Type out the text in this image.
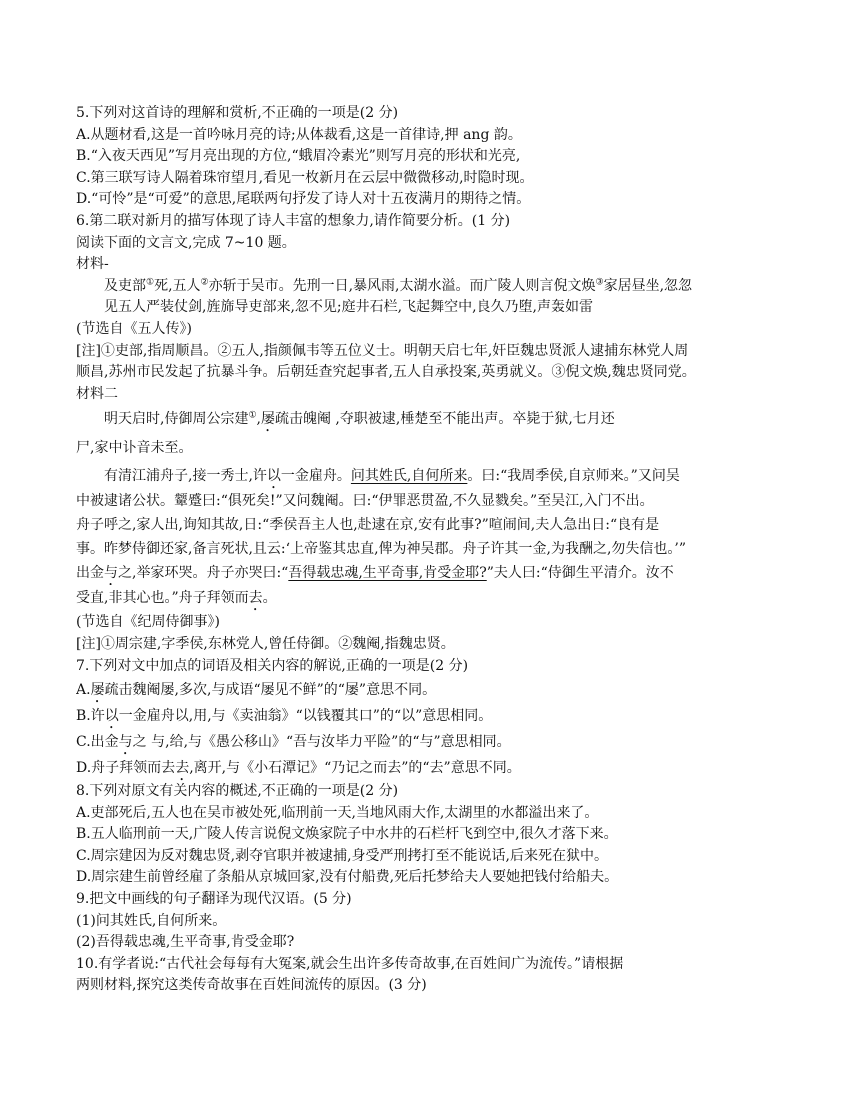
5.下列对这首诗的理解和赏析,不正确的一项是(2 分)
A.从题材看,这是一首吟咏月亮的诗;从体裁看,这是一首律诗,押 ang 韵。
B.“入夜天西见”写月亮出现的方位,“蛾眉冷素光”则写月亮的形状和光亮,
C.第三联写诗人隔着珠帘望月,看见一枚新月在云层中微微移动,时隐时现。
D.“可怜”是“可爱”的意思,尾联两句抒发了诗人对十五夜满月的期待之情。
6.第二联对新月的描写体现了诗人丰富的想象力,请作简要分析。(1 分)
阅读下面的文言文,完成 7~10 题。
材料-
及吏部①死,五人②亦斩于吴市。先刑一日,暴风雨,太湖水溢。而广陵人则言倪文焕③家居昼坐,忽忽
见五人严装仗剑,旌旆导吏部来,忽不见;庭井石栏,飞起舞空中,良久乃堕,声轰如雷
(节选自《五人传》)
[注]①吏部,指周顺昌。②五人,指颜佩韦等五位义士。明朝天启七年,奸臣魏忠贤派人逮捕东林党人周
顺昌,苏州市民发起了抗暴斗争。后朝廷查究起事者,五人自承投案,英勇就义。③倪文焕,魏忠贤同党。
材料二
明天启时,侍御周公宗建①,屡疏击魄阉 ,夺职被逮,棰楚至不能出声。卒毙于狱,七月还
尸,家中讣音未至。
有清江浦舟子,接一秀士,许以一金雇舟。问其姓氏,自何所来。曰:“我周季侯,自京师来。”又问吴
中被逮诸公状。颦蹙曰:“俱死矣!”又问魏阉。曰:“伊罪恶贯盈,不久显戮矣。”至吴江,入门不出。
舟子呼之,家人出,询知其故,日:“季侯吾主人也,赴逮在京,安有此事?”喧闹间,夫人急出日:“良有是
事。昨梦侍御还家,备言死状,且云:‘上帝鉴其忠直,俾为神吴郡。舟子许其一金,为我酬之,勿失信也。’”
出金与之,举家环哭。舟子亦哭曰:“吾得载忠魂,生平奇事,肯受金耶?”夫人曰:“侍御生平清介。汝不
受直,非其心也。”舟子拜领而去。
(节选自《纪周侍御事》)
[注]①周宗建,字季侯,东林党人,曾任侍御。②魏阉,指魏忠贤。
7.下列对文中加点的词语及相关内容的解说,正确的一项是(2 分)
A.屡疏击魏阉屡,多次,与成语“屡见不鲜”的“屡”意思不同。
B.许以一金雇舟以,用,与《卖油翁》“以钱覆其口”的“以”意思相同。
C.出金与之 与,给,与《愚公移山》“吾与汝毕力平险”的“与”意思相同。
D.舟子拜领而去去,离开,与《小石潭记》“乃记之而去”的“去”意思不同。
8.下列对原文有关内容的概述,不正确的一项是(2 分)
A.吏部死后,五人也在吴市被处死,临刑前一天,当地风雨大作,太湖里的水都溢出来了。
B.五人临刑前一天,广陵人传言说倪文焕家院子中水井的石栏杆飞到空中,很久才落下来。
C.周宗建因为反对魏忠贤,剥夺官职并被逮捕,身受严刑拷打至不能说话,后来死在狱中。
D.周宗建生前曾经雇了条船从京城回家,没有付船费,死后托梦给夫人要她把钱付给船夫。
9.把文中画线的句子翻译为现代汉语。(5 分)
(1)问其姓氏,自何所来。
(2)吾得载忠魂,生平奇事,肯受金耶?
10.有学者说:“古代社会每每有大冤案,就会生出许多传奇故事,在百姓间广为流传。”请根据
两则材料,探究这类传奇故事在百姓间流传的原因。(3 分)
